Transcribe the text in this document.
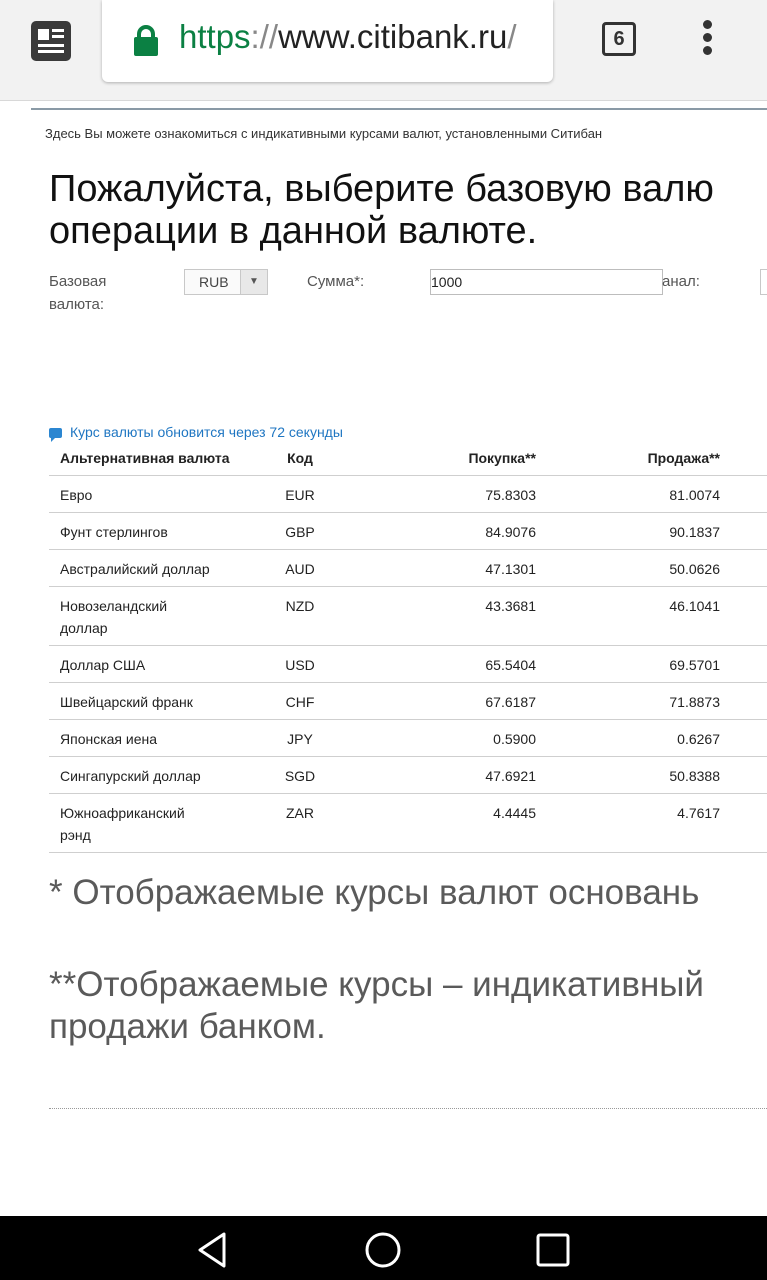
https://www.citibank.ru/	6
Здесь Вы можете ознакомиться с индикативными курсами валют, установленными Ситибан
Пожалуйста, выберите базовую валю
операции в данной валюте.
Базовая
валюта:
RUB	▼	Сумма*:
1000	анал:
Курс валюты обновится через 72 секунды
Альтернативная валюта	Код	Покупка**	Продажа**	
Евро	EUR	75.8303	81.0074	
Фунт стерлингов	GBP	84.9076	90.1837	
Австралийский доллар	AUD	47.1301	50.0626	
Новозеландский
доллар	NZD	43.3681	46.1041	
Доллар США	USD	65.5404	69.5701	
Швейцарский франк	CHF	67.6187	71.8873	
Японская иена	JPY	0.5900	0.6267	
Сингапурский доллар	SGD	47.6921	50.8388	
Южноафриканский
рэнд	ZAR	4.4445	4.7617	
* Отображаемые курсы валют основань
**Отображаемые курсы – индикативный
продажи банком.
